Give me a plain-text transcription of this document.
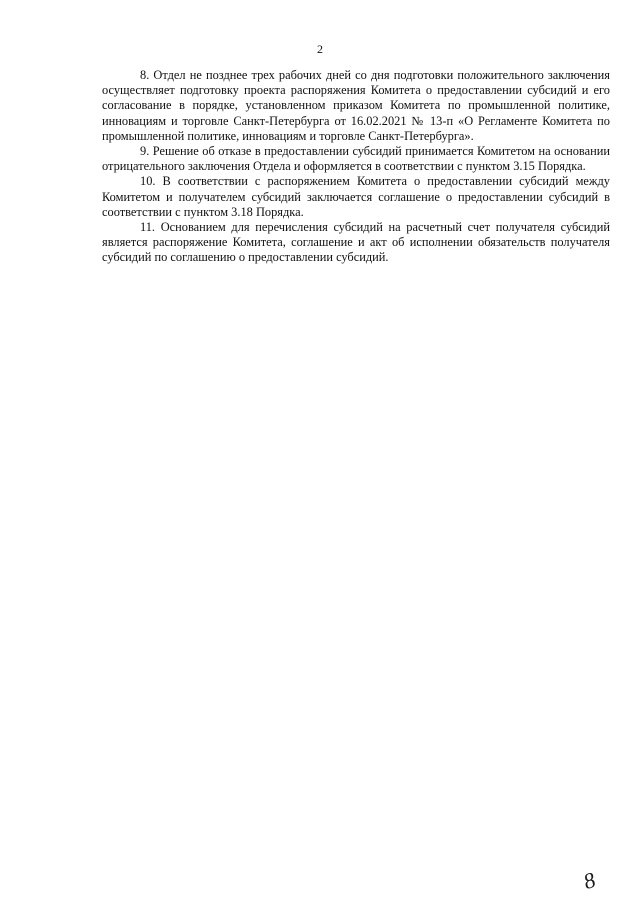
2

8. Отдел не позднее трех рабочих дней со дня подготовки положительного заключения осуществляет подготовку проекта распоряжения Комитета о предоставлении субсидий и его согласование в порядке, установленном приказом Комитета по промышленной политике, инновациям и торговле Санкт-Петербурга от 16.02.2021 № 13-п «О Регламенте Комитета по промышленной политике, инновациям и торговле Санкт-Петербурга».

9. Решение об отказе в предоставлении субсидий принимается Комитетом на основании отрицательного заключения Отдела и оформляется в соответствии с пунктом 3.15 Порядка.

10. В соответствии с распоряжением Комитета о предоставлении субсидий между Комитетом и получателем субсидий заключается соглашение о предоставлении субсидий в соответствии с пунктом 3.18 Порядка.

11. Основанием для перечисления субсидий на расчетный счет получателя субсидий является распоряжение Комитета, соглашение и акт об исполнении обязательств получателя субсидий по соглашению о предоставлении субсидий.

8
